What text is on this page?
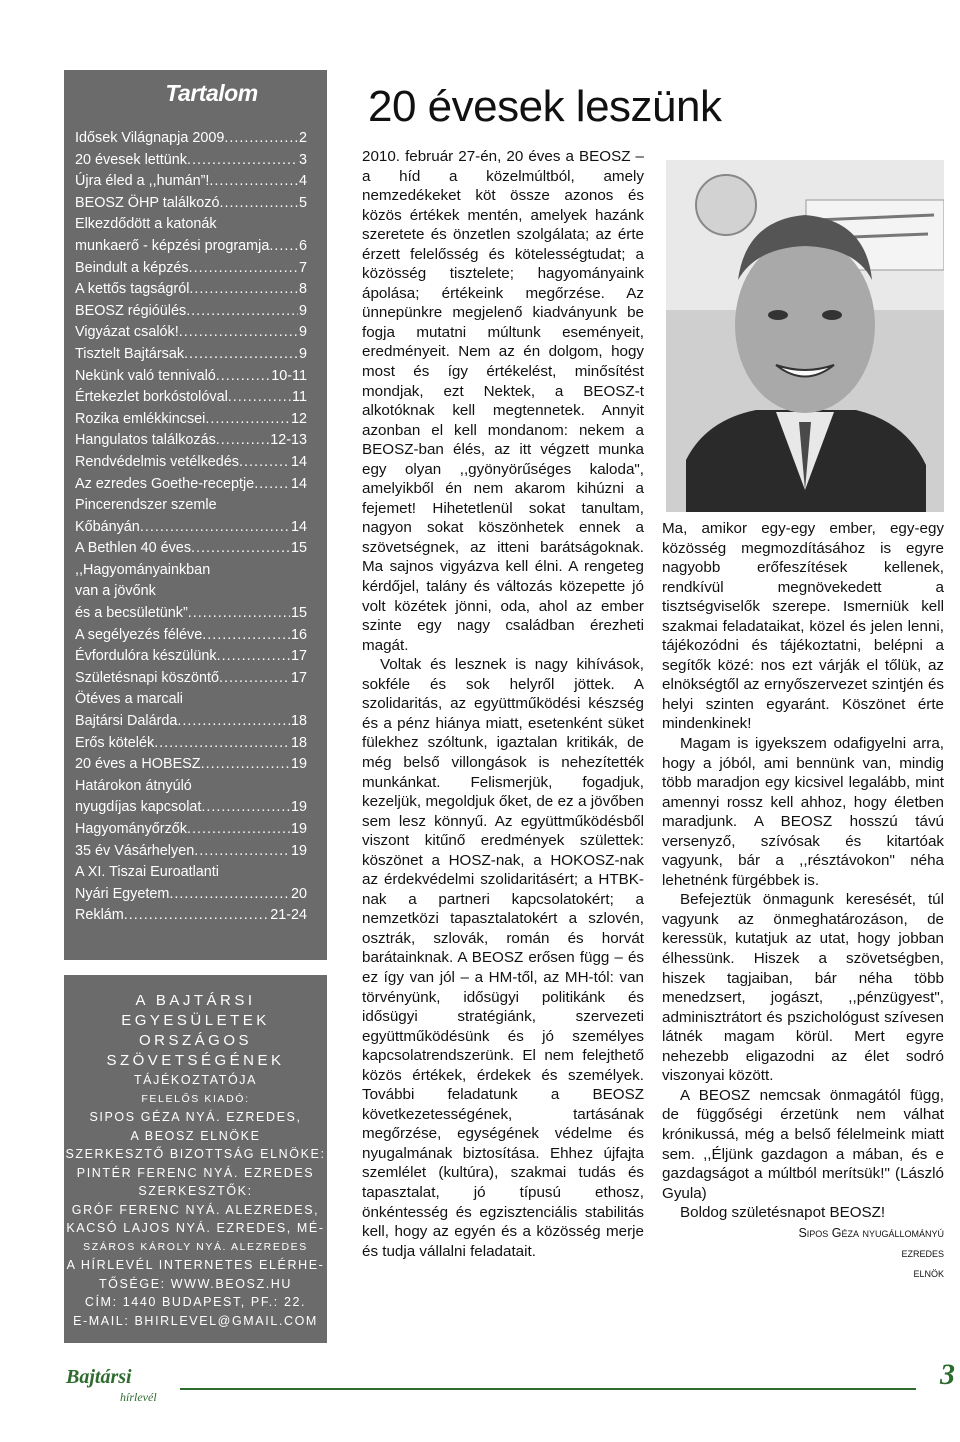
Tartalom
Idősek Világnapja 2009 .....	2
20 évesek lettünk .....	3
Újra éled a ,,humán”! .....	4
BEOSZ ÖHP találkozó .....	5
Elkezdődött a katonák
munkaerő - képzési programja ..... 6
Beindult a képzés .....	7
A kettős tagságról .....	8
BEOSZ régióülés .....	9
Vigyázat csalók! .....	9
Tisztelt Bajtársak .....	9
Nekünk való tennivaló .....	10-11
Értekezlet borkóstolóval .....	11
Rozika emlékkincsei .....	12
Hangulatos találkozás .....	12-13
Rendvédelmis vetélkedés .....	14
Az ezredes Goethe-receptje .....	14
Pincerendszer szemle
Kőbányán .....	14
A Bethlen 40 éves .....	15
,,Hagyományainkban
van a jövőnk
és a becsületünk” .....	15
A segélyezés féléve .....	16
Évfordulóra készülünk .....	17
Születésnapi köszöntő .....	17
Ötéves a marcali
Bajtársi Dalárda .....	18
Erős kötelék .....	18
20 éves a HOBESZ .....	19
Határokon átnyúló
nyugdíjas kapcsolat .....	19
Hagyományőrzők .....	19
35 év Vásárhelyen .....	19
A XI. Tiszai Euroatlanti
Nyári Egyetem .....	20
Reklám .....	21-24
A BAJTÁRSI
EGYESÜLETEK
ORSZÁGOS
SZÖVETSÉGÉNEK
TÁJÉKOZTATÓJA
FELELŐS KIADÓ:
SIPOS GÉZA NYÁ. EZREDES,
A BEOSZ ELNÖKE
SZERKESZTŐ BIZOTTSÁG ELNÖKE:
PINTÉR FERENC NYÁ. EZREDES
SZERKESZTŐK:
GRÓF FERENC NYÁ. ALEZREDES,
KACSÓ LAJOS NYÁ. EZREDES, MÉ-
SZÁROS KÁROLY NYÁ. ALEZREDES
A HÍRLEVÉL INTERNETES ELÉRHE-
TŐSÉGE: WWW.BEOSZ.HU
CÍM: 1440 BUDAPEST, PF.: 22.
E-MAIL: BHIRLEVEL@GMAIL.COM
20 évesek leszünk

2010. február 27-én, 20 éves a BEOSZ – a híd a közelmúltból, amely nemzedékeket köt össze azonos és közös értékek mentén, amelyek hazánk szeretete és önzetlen szolgálata; az érte érzett felelősség és kötelességtudat; a közösség tisztelete; hagyományaink ápolása; értékeink megőrzése. Az ünnepünkre megjelenő kiadványunk be fogja mutatni múltunk eseményeit, eredményeit. Nem az én dolgom, hogy most és így értékelést, minősítést mondjak, ezt Nektek, a BEOSZ-t alkotóknak kell megtennetek. Annyit azonban el kell mondanom: nekem a BEOSZ-ban élés, az itt végzett munka egy olyan ,,gyönyörűséges kaloda", amelyikből én nem akarom kihúzni a fejemet! Hihetetlenül sokat tanultam, nagyon sokat köszönhetek ennek a szövetségnek, az itteni barátságoknak. Ma sajnos vigyázva kell élni. A rengeteg kérdőjel, talány és változás közepette jó volt közétek jönni, oda, ahol az ember szinte egy nagy családban érezheti magát.

Voltak és lesznek is nagy kihívások, sokféle és sok helyről jöttek. A szolidaritás, az együttműködési készség és a pénz hiánya miatt, esetenként süket fülekhez szóltunk, igaztalan kritikák, de még belső villongások is nehezítették munkánkat. Felismerjük, fogadjuk, kezeljük, megoldjuk őket, de ez a jövőben sem lesz könnyű. Az együttműködésből viszont kitűnő eredmények születtek: köszönet a HOSZ-nak, a HOKOSZ-nak az érdekvédelmi szolidaritásért; a HTBK-nak a partneri kapcsolatokért; a nemzetközi tapasztalatokért a szlovén, osztrák, szlovák, román és horvát barátainknak. A BEOSZ erősen függ – és ez így van jól – a HM-től, az MH-tól: van törvényünk, idősügyi politikánk és idősügyi stratégiánk, szervezeti együttműködésünk és jó személyes kapcsolatrendszerünk. El nem felejthető közös értékek, érdekek és személyek. További feladatunk a BEOSZ következetességének, tartásának megőrzése, egységének védelme és nyugalmának biztosítása. Ehhez újfajta szemlélet (kultúra), szakmai tudás és tapasztalat, jó típusú ethosz, önkéntesség és egzisztenciális stabilitás kell, hogy az egyén és a közösség merje és tudja vállalni feladatait.

Ma, amikor egy-egy ember, egy-egy közösség megmozdításához is egyre nagyobb erőfeszítések kellenek, rendkívül megnövekedett a tisztségviselők szerepe. Ismerniük kell szakmai feladataikat, közel és jelen lenni, tájékozódni és tájékoztatni, belépni a segítők közé: nos ezt várják el tőlük, az elnökségtől az ernyőszervezet szintjén és helyi szinten egyaránt. Köszönet érte mindenkinek!

Magam is igyekszem odafigyelni arra, hogy a jóból, ami bennünk van, mindig több maradjon egy kicsivel legalább, mint amennyi rossz kell ahhoz, hogy életben maradjunk. A BEOSZ hosszú távú versenyző, szívósak és kitartóak vagyunk, bár a ,,résztávokon" néha lehetnénk fürgébbek is.

Befejeztük önmagunk keresését, túl vagyunk az önmeghatározáson, de keressük, kutatjuk az utat, hogy jobban élhessünk. Hiszek a szövetségben, hiszek tagjaiban, bár néha több menedzsert, jogászt, ,,pénzügyest", adminisztrátort és pszichológust szívesen látnék magam körül. Mert egyre nehezebb eligazodni az élet sodró viszonyai között.

A BEOSZ nemcsak önmagától függ, de függőségi érzetünk nem válhat krónikussá, még a belső félelmeink miatt sem. ,,Éljünk gazdagon a mában, és e gazdagságot a múltból merítsük!" (László Gyula)

Boldog születésnapot BEOSZ!

Sipos Géza nyugállományú
ezredes
elnök
Bajtársi
hírlevél
3
